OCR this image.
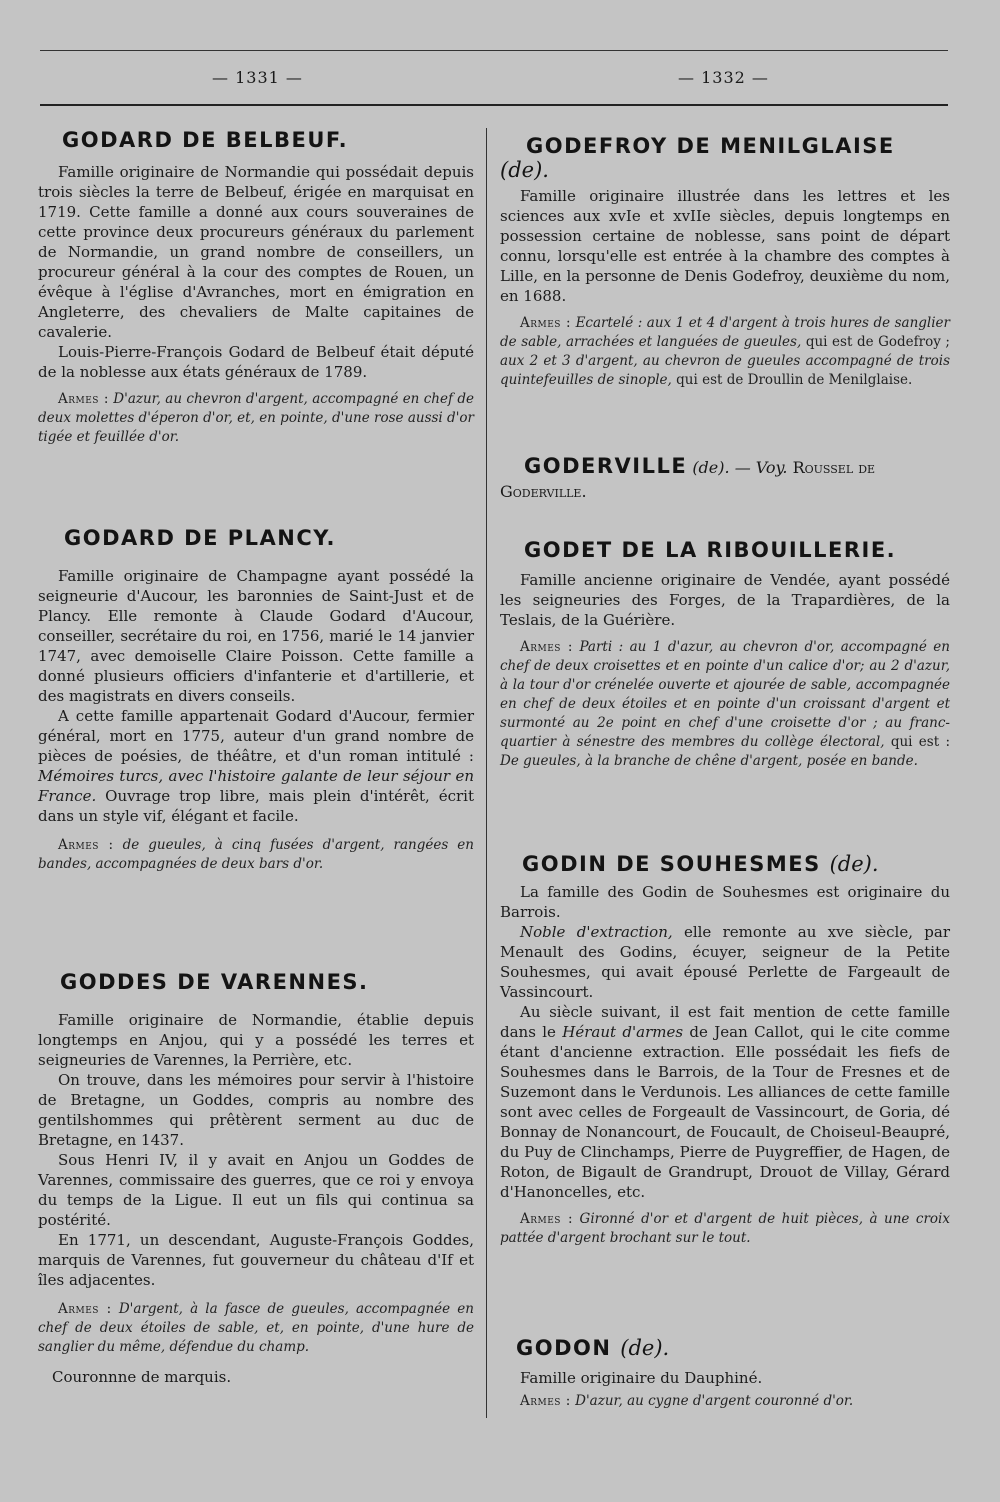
— 1331 —	— 1332 —
GODARD DE BELBEUF.

Famille originaire de Normandie qui possédait depuis trois siècles la terre de Belbeuf, érigée en marquisat en 1719. Cette famille a donné aux cours souveraines de cette province deux procureurs généraux du parlement de Normandie, un grand nombre de conseillers, un procureur général à la cour des comptes de Rouen, un évêque à l'église d'Avranches, mort en émigration en Angleterre, des chevaliers de Malte capitaines de cavalerie.

Louis-Pierre-François Godard de Belbeuf était député de la noblesse aux états généraux de 1789.

Armes : D'azur, au chevron d'argent, accompagné en chef de deux molettes d'éperon d'or, et, en pointe, d'une rose aussi d'or tigée et feuillée d'or.

GODARD DE PLANCY.

Famille originaire de Champagne ayant possédé la seigneurie d'Aucour, les baronnies de Saint-Just et de Plancy. Elle remonte à Claude Godard d'Aucour, conseiller, secrétaire du roi, en 1756, marié le 14 janvier 1747, avec demoiselle Claire Poisson. Cette famille a donné plusieurs officiers d'infanterie et d'artillerie, et des magistrats en divers conseils.

A cette famille appartenait Godard d'Aucour, fermier général, mort en 1775, auteur d'un grand nombre de pièces de poésies, de théâtre, et d'un roman intitulé : Mémoires turcs, avec l'histoire galante de leur séjour en France. Ouvrage trop libre, mais plein d'intérêt, écrit dans un style vif, élégant et facile.

Armes : de gueules, à cinq fusées d'argent, rangées en bandes, accompagnées de deux bars d'or.

GODDES DE VARENNES.

Famille originaire de Normandie, établie depuis longtemps en Anjou, qui y a possédé les terres et seigneuries de Varennes, la Perrière, etc.

On trouve, dans les mémoires pour servir à l'histoire de Bretagne, un Goddes, compris au nombre des gentilshommes qui prêtèrent serment au duc de Bretagne, en 1437.

Sous Henri IV, il y avait en Anjou un Goddes de Varennes, commissaire des guerres, que ce roi y envoya du temps de la Ligue. Il eut un fils qui continua sa postérité.

En 1771, un descendant, Auguste-François Goddes, marquis de Varennes, fut gouverneur du château d'If et îles adjacentes.

Armes : D'argent, à la fasce de gueules, accompagnée en chef de deux étoiles de sable, et, en pointe, d'une hure de sanglier du même, défendue du champ.

Couronnne de marquis.

GODEFROY DE MENILGLAISE
(de).

Famille originaire illustrée dans les lettres et les sciences aux xvIe et xvIIe siècles, depuis longtemps en possession certaine de noblesse, sans point de départ connu, lorsqu'elle est entrée à la chambre des comptes à Lille, en la personne de Denis Godefroy, deuxième du nom, en 1688.

Armes : Ecartelé : aux 1 et 4 d'argent à trois hures de sanglier de sable, arrachées et languées de gueules, qui est de Godefroy ; aux 2 et 3 d'argent, au chevron de gueules accompagné de trois quintefeuilles de sinople, qui est de Droullin de Menilglaise.

GODERVILLE (de). — Voy. Roussel de Goderville.

GODET DE LA RIBOUILLERIE.

Famille ancienne originaire de Vendée, ayant possédé les seigneuries des Forges, de la Trapardières, de la Teslais, de la Guérière.

Armes : Parti : au 1 d'azur, au chevron d'or, accompagné en chef de deux croisettes et en pointe d'un calice d'or; au 2 d'azur, à la tour d'or crénelée ouverte et ajourée de sable, accompagnée en chef de deux étoiles et en pointe d'un croissant d'argent et surmonté au 2e point en chef d'une croisette d'or ; au franc-quartier à sénestre des membres du collège électoral, qui est : De gueules, à la branche de chêne d'argent, posée en bande.

GODIN DE SOUHESMES (de).

La famille des Godin de Souhesmes est originaire du Barrois.

Noble d'extraction, elle remonte au xve siècle, par Menault des Godins, écuyer, seigneur de la Petite Souhesmes, qui avait épousé Perlette de Fargeault de Vassincourt.

Au siècle suivant, il est fait mention de cette famille dans le Héraut d'armes de Jean Callot, qui le cite comme étant d'ancienne extraction. Elle possédait les fiefs de Souhesmes dans le Barrois, de la Tour de Fresnes et de Suzemont dans le Verdunois. Les alliances de cette famille sont avec celles de Forgeault de Vassincourt, de Goria, dé Bonnay de Nonancourt, de Foucault, de Choiseul-Beaupré, du Puy de Clinchamps, Pierre de Puygreffier, de Hagen, de Roton, de Bigault de Grandrupt, Drouot de Villay, Gérard d'Hanoncelles, etc.

Armes : Gironné d'or et d'argent de huit pièces, à une croix pattée d'argent brochant sur le tout.

GODON (de).

Famille originaire du Dauphiné.

Armes : D'azur, au cygne d'argent couronné d'or.
